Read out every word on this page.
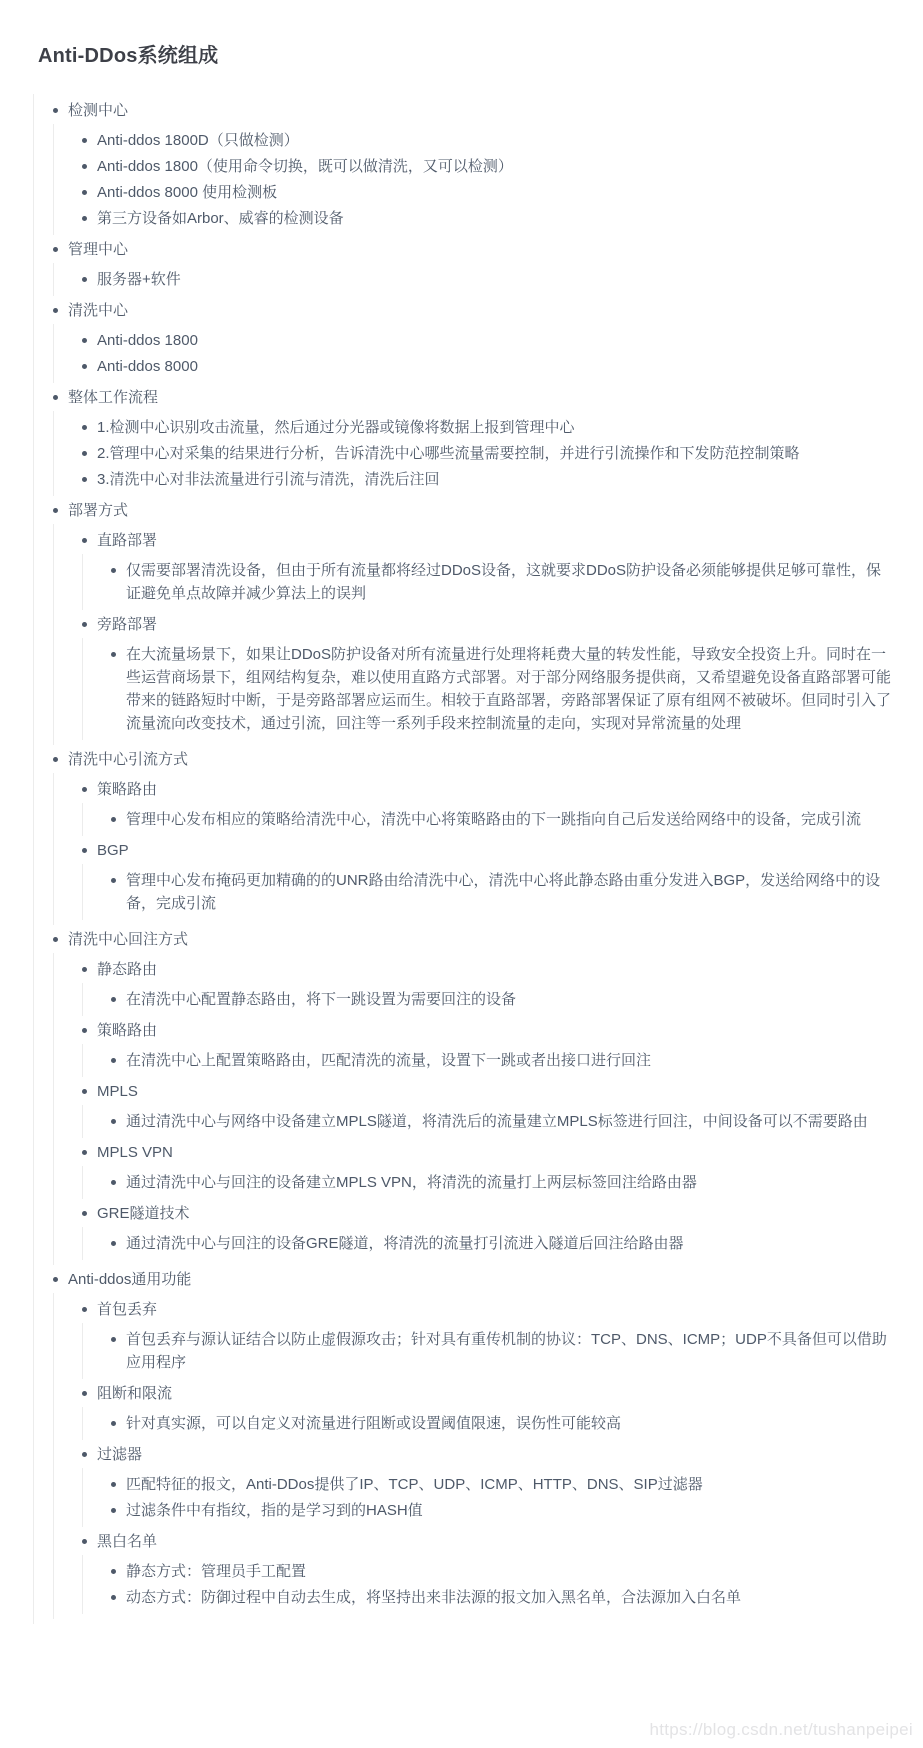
Anti-DDos系统组成
检测中心
Anti-ddos 1800D（只做检测）
Anti-ddos 1800（使用命令切换，既可以做清洗，又可以检测）
Anti-ddos 8000 使用检测板
第三方设备如Arbor、威睿的检测设备
管理中心
服务器+软件
清洗中心
Anti-ddos 1800
Anti-ddos 8000
整体工作流程
1.检测中心识别攻击流量，然后通过分光器或镜像将数据上报到管理中心
2.管理中心对采集的结果进行分析，告诉清洗中心哪些流量需要控制，并进行引流操作和下发防范控制策略
3.清洗中心对非法流量进行引流与清洗，清洗后注回
部署方式
直路部署
仅需要部署清洗设备，但由于所有流量都将经过DDoS设备，这就要求DDoS防护设备必须能够提供足够可靠性，保证避免单点故障并减少算法上的误判
旁路部署
在大流量场景下，如果让DDoS防护设备对所有流量进行处理将耗费大量的转发性能，导致安全投资上升。同时在一些运营商场景下，组网结构复杂，难以使用直路方式部署。对于部分网络服务提供商，又希望避免设备直路部署可能带来的链路短时中断，于是旁路部署应运而生。相较于直路部署，旁路部署保证了原有组网不被破坏。但同时引入了流量流向改变技术，通过引流，回注等一系列手段来控制流量的走向，实现对异常流量的处理
清洗中心引流方式
策略路由
管理中心发布相应的策略给清洗中心，清洗中心将策略路由的下一跳指向自己后发送给网络中的设备，完成引流
BGP
管理中心发布掩码更加精确的的UNR路由给清洗中心，清洗中心将此静态路由重分发进入BGP，发送给网络中的设备，完成引流
清洗中心回注方式
静态路由
在清洗中心配置静态路由，将下一跳设置为需要回注的设备
策略路由
在清洗中心上配置策略路由，匹配清洗的流量，设置下一跳或者出接口进行回注
MPLS
通过清洗中心与网络中设备建立MPLS隧道，将清洗后的流量建立MPLS标签进行回注，中间设备可以不需要路由
MPLS VPN
通过清洗中心与回注的设备建立MPLS VPN，将清洗的流量打上两层标签回注给路由器
GRE隧道技术
通过清洗中心与回注的设备GRE隧道，将清洗的流量打引流进入隧道后回注给路由器
Anti-ddos通用功能
首包丢弃
首包丢弃与源认证结合以防止虚假源攻击；针对具有重传机制的协议：TCP、DNS、ICMP；UDP不具备但可以借助应用程序
阻断和限流
针对真实源，可以自定义对流量进行阻断或设置阈值限速，误伤性可能较高
过滤器
匹配特征的报文，Anti-DDos提供了IP、TCP、UDP、ICMP、HTTP、DNS、SIP过滤器
过滤条件中有指纹，指的是学习到的HASH值
黑白名单
静态方式：管理员手工配置
动态方式：防御过程中自动去生成，将坚持出来非法源的报文加入黑名单，合法源加入白名单
https://blog.csdn.net/tushanpeipei
